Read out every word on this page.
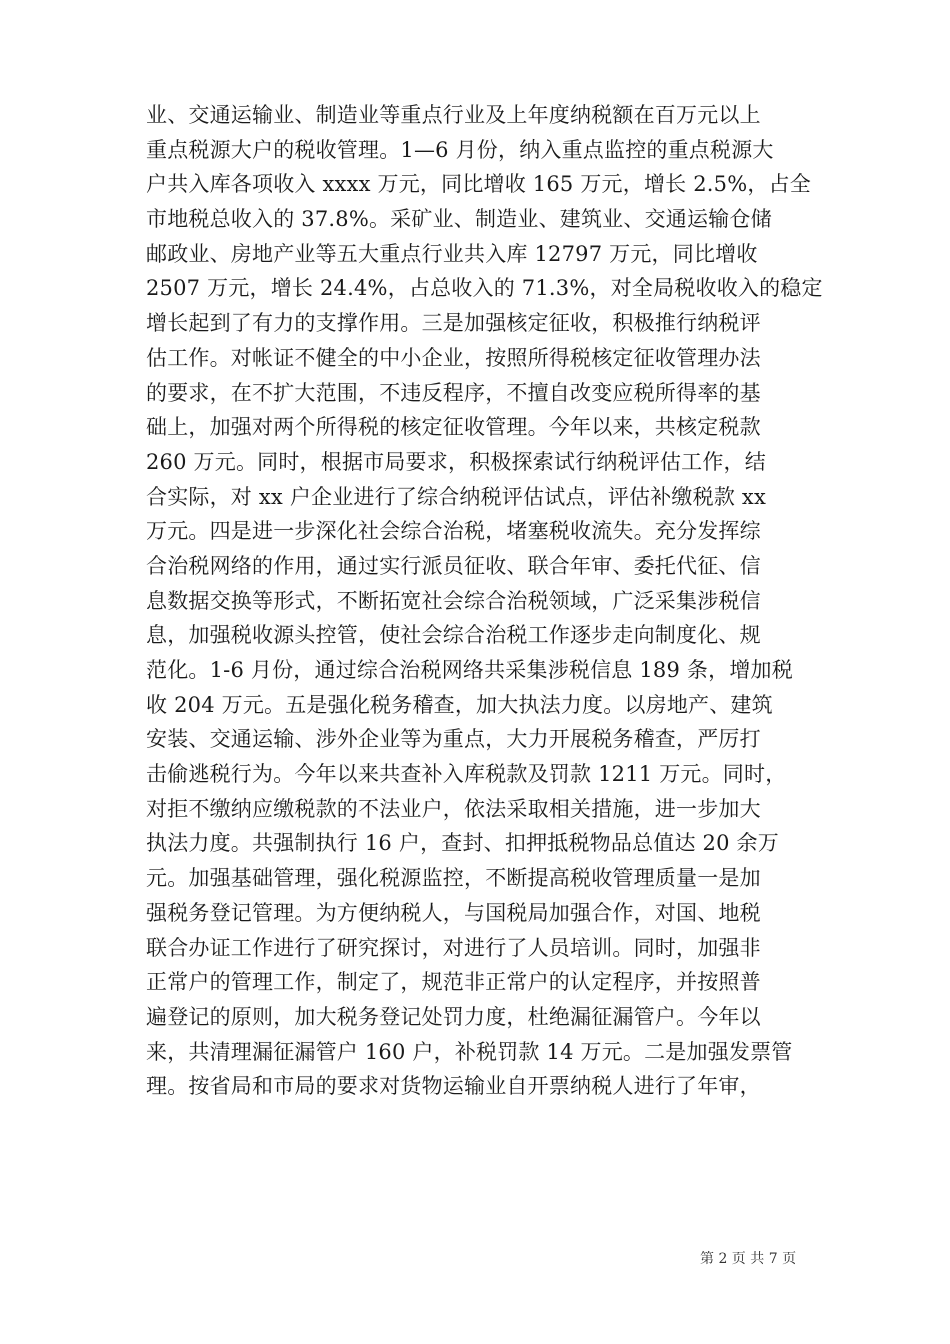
业、交通运输业、制造业等重点行业及上年度纳税额在百万元以上
重点税源大户的税收管理。1—6 月份，纳入重点监控的重点税源大
户共入库各项收入 xxxx 万元，同比增收 165 万元，增长 2.5%，占全
市地税总收入的 37.8%。采矿业、制造业、建筑业、交通运输仓储
邮政业、房地产业等五大重点行业共入库 12797 万元，同比增收
2507 万元，增长 24.4%，占总收入的 71.3%，对全局税收收入的稳定
增长起到了有力的支撑作用。三是加强核定征收，积极推行纳税评
估工作。对帐证不健全的中小企业，按照所得税核定征收管理办法
的要求，在不扩大范围，不违反程序，不擅自改变应税所得率的基
础上，加强对两个所得税的核定征收管理。今年以来，共核定税款
260 万元。同时，根据市局要求，积极探索试行纳税评估工作，结
合实际，对 xx 户企业进行了综合纳税评估试点，评估补缴税款 xx
万元。四是进一步深化社会综合治税，堵塞税收流失。充分发挥综
合治税网络的作用，通过实行派员征收、联合年审、委托代征、信
息数据交换等形式，不断拓宽社会综合治税领域，广泛采集涉税信
息，加强税收源头控管，使社会综合治税工作逐步走向制度化、规
范化。1-6 月份，通过综合治税网络共采集涉税信息 189 条，增加税
收 204 万元。五是强化税务稽查，加大执法力度。以房地产、建筑
安装、交通运输、涉外企业等为重点，大力开展税务稽查，严厉打
击偷逃税行为。今年以来共查补入库税款及罚款 1211 万元。同时，
对拒不缴纳应缴税款的不法业户，依法采取相关措施，进一步加大
执法力度。共强制执行 16 户，查封、扣押抵税物品总值达 20 余万
元。加强基础管理，强化税源监控，不断提高税收管理质量一是加
强税务登记管理。为方便纳税人，与国税局加强合作，对国、地税
联合办证工作进行了研究探讨，对进行了人员培训。同时，加强非
正常户的管理工作，制定了，规范非正常户的认定程序，并按照普
遍登记的原则，加大税务登记处罚力度，杜绝漏征漏管户。今年以
来，共清理漏征漏管户 160 户，补税罚款 14 万元。二是加强发票管
理。按省局和市局的要求对货物运输业自开票纳税人进行了年审，
第 2 页 共 7 页
